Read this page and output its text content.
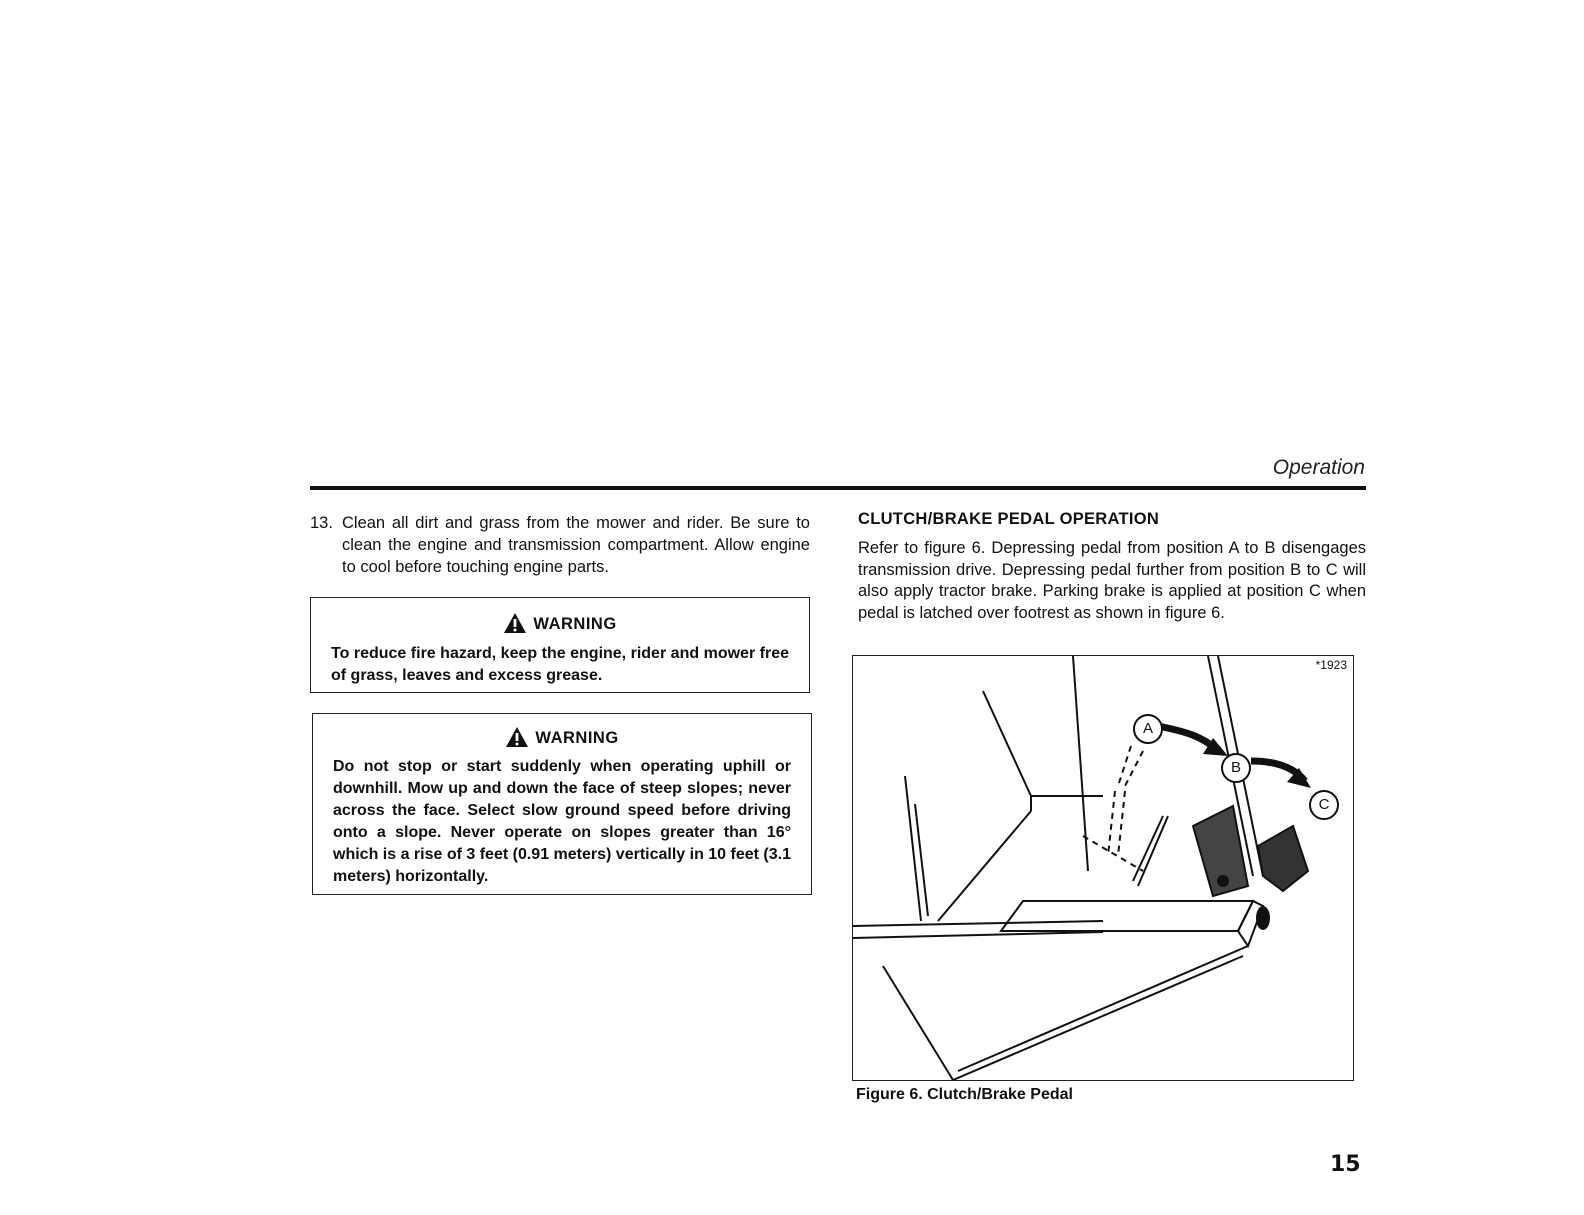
Operation
13. Clean all dirt and grass from the mower and rider. Be sure to clean the engine and transmission compartment. Allow engine to cool before touching engine parts.
WARNING
To reduce fire hazard, keep the engine, rider and mower free of grass, leaves and excess grease.
WARNING
Do not stop or start suddenly when operating uphill or downhill. Mow up and down the face of steep slopes; never across the face. Select slow ground speed before driving onto a slope. Never operate on slopes greater than 16° which is a rise of 3 feet (0.91 meters) vertically in 10 feet (3.1 meters) horizontally.
CLUTCH/BRAKE PEDAL OPERATION
Refer to figure 6. Depressing pedal from position A to B disengages transmission drive. Depressing pedal further from position B to C will also apply tractor brake. Parking brake is applied at position C when pedal is latched over footrest as shown in figure 6.
*1923
A
B
C
Figure 6. Clutch/Brake Pedal
15
